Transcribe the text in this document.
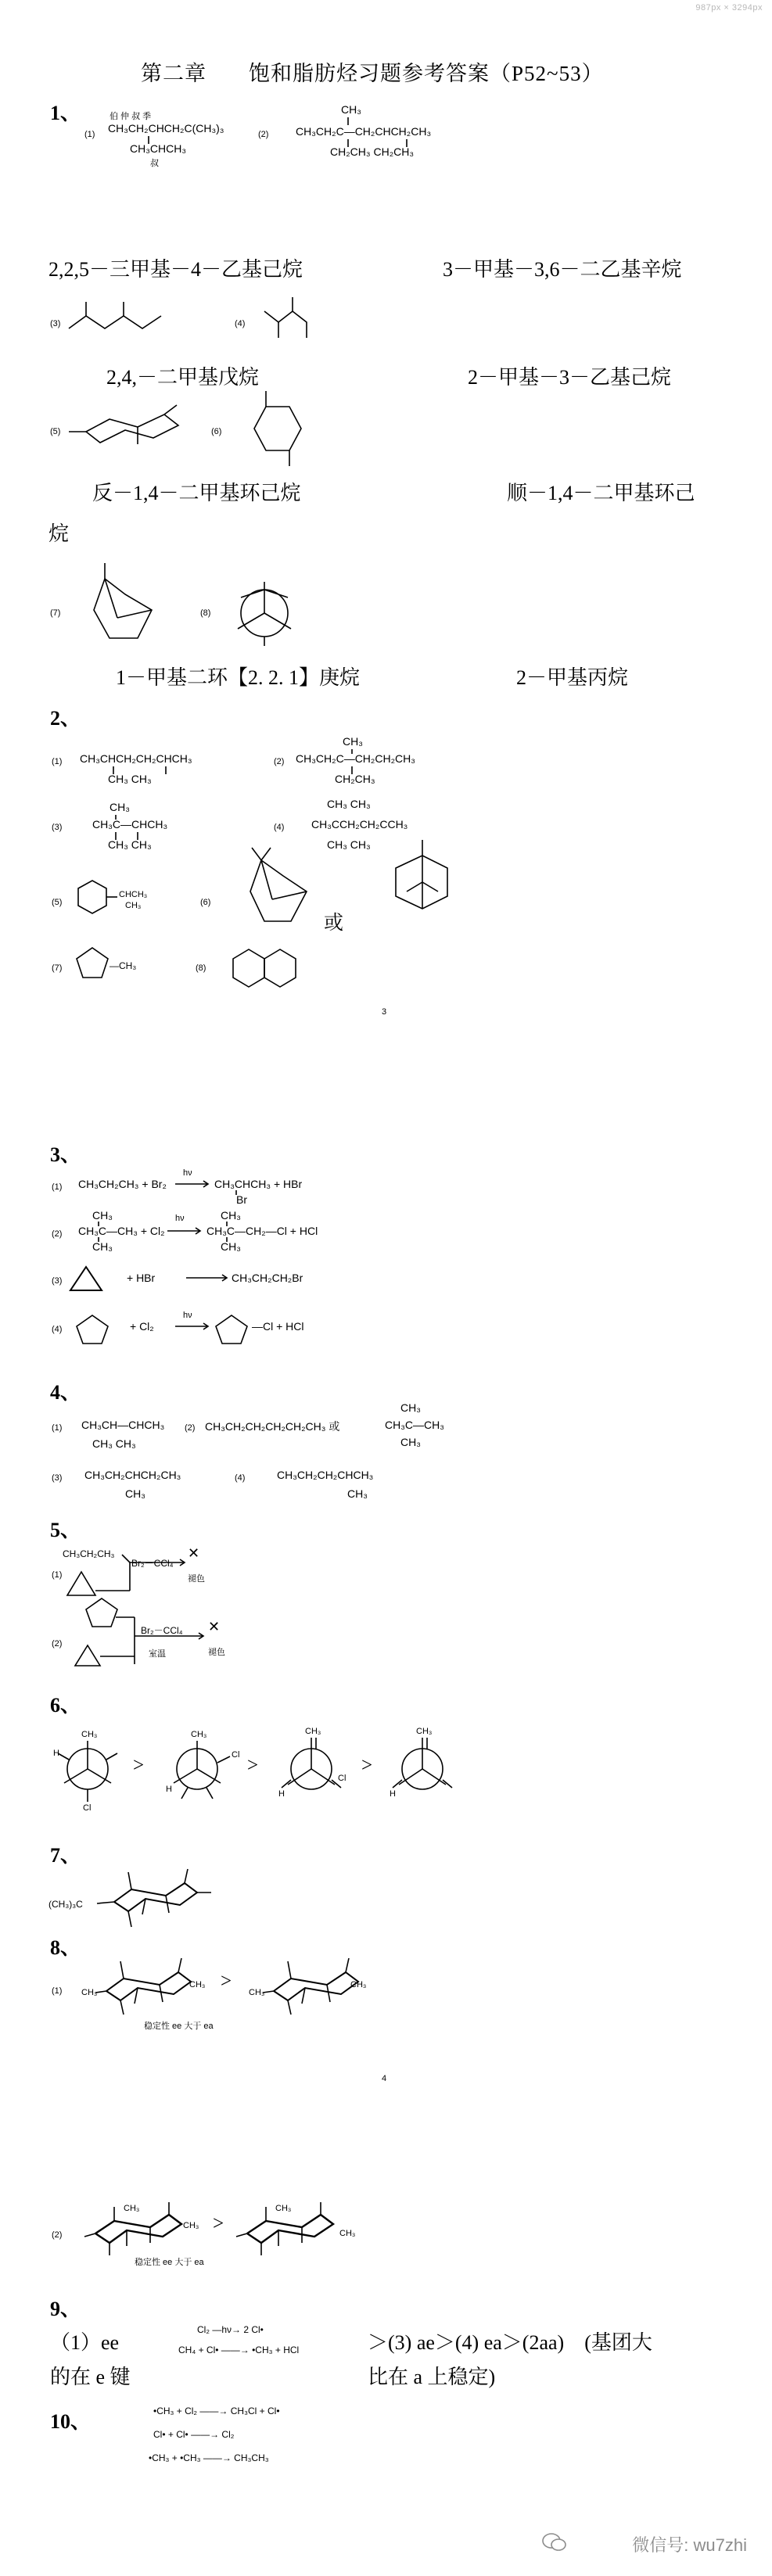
987px × 3294px
第二章 饱和脂肪烃习题参考答案（P52~53）
1、
(1)
伯 仲 叔 季
CH₃CH₂CHCH₂C(CH₃)₃
CH₃CHCH₃
叔
(2)
CH₃
CH₃CH₂C—CH₂CHCH₂CH₃
CH₂CH₃ CH₂CH₃
2,2,5－三甲基－4－乙基己烷	3－甲基－3,6－二乙基辛烷
(3)	(4)
2,4,－二甲基戊烷	2－甲基－3－乙基己烷
(5)	(6)
反－1,4－二甲基环己烷	顺－1,4－二甲基环己
烷
(7)	(8)
1－甲基二环【2. 2. 1】庚烷	2－甲基丙烷
2、
(1) CH₃CHCH₂CH₂CHCH₃
CH₃ CH₃
(2)
CH₃
CH₃CH₂C—CH₂CH₂CH₃
CH₂CH₃
(3)
CH₃
CH₃C—CHCH₃
CH₃ CH₃
(4)
CH₃ CH₃
CH₃CCH₂CH₂CCH₃
CH₃ CH₃
(5)
CHCH₃
CH₃	(6)
或
(7)	—CH₃	(8)
3
3、
(1) CH₃CH₂CH₃ + Br₂
hν
CH₃CHCH₃ + HBr
Br
(2)
CH₃
CH₃C—CH₃ + Cl₂
CH₃
hν	CH₃
CH₃C—CH₂—Cl + HCl
CH₃
(3)	+ HBr	CH₃CH₂CH₂Br
(4)	+ Cl₂
hν
—Cl + HCl
4、
(1) CH₃CH—CHCH₃
CH₃ CH₃
(2) CH₃CH₂CH₂CH₂CH₂CH₃ 或
CH₃
CH₃C—CH₃
CH₃
(3) CH₃CH₂CHCH₂CH₃
CH₃
(4)	CH₃CH₂CH₂CHCH₃
CH₃
5、
(1)
CH₃CH₂CH₃
Br₂－CCl₄
✕
褪色
(2)
Br₂－CCl₄
室温
✕
褪色
6、
CH₃
Cl
H
>
CH₃
Cl
H
>
CH₃
Cl
H
>
CH₃
H
7、
(CH₃)₃C
8、
(1) CH₃
CH₃ >
CH₃
CH₃
稳定性 ee 大于 ea
4
(2)
CH₃
CH₃
>
CH₃
CH₃
稳定性 ee 大于 ea
9、
（1）ee
Cl₂ —hν→ 2 Cl•
CH₄ + Cl• ——→ •CH₃ + HCl	＞(3) ae＞(4) ea＞(2aa)　(基团大
的在 e 键	比在 a 上稳定)
10、	•CH₃ + Cl₂ ——→ CH₃Cl + Cl•
Cl• + Cl• ——→ Cl₂
•CH₃ + •CH₃ ——→ CH₃CH₃
微信号: wu7zhi
